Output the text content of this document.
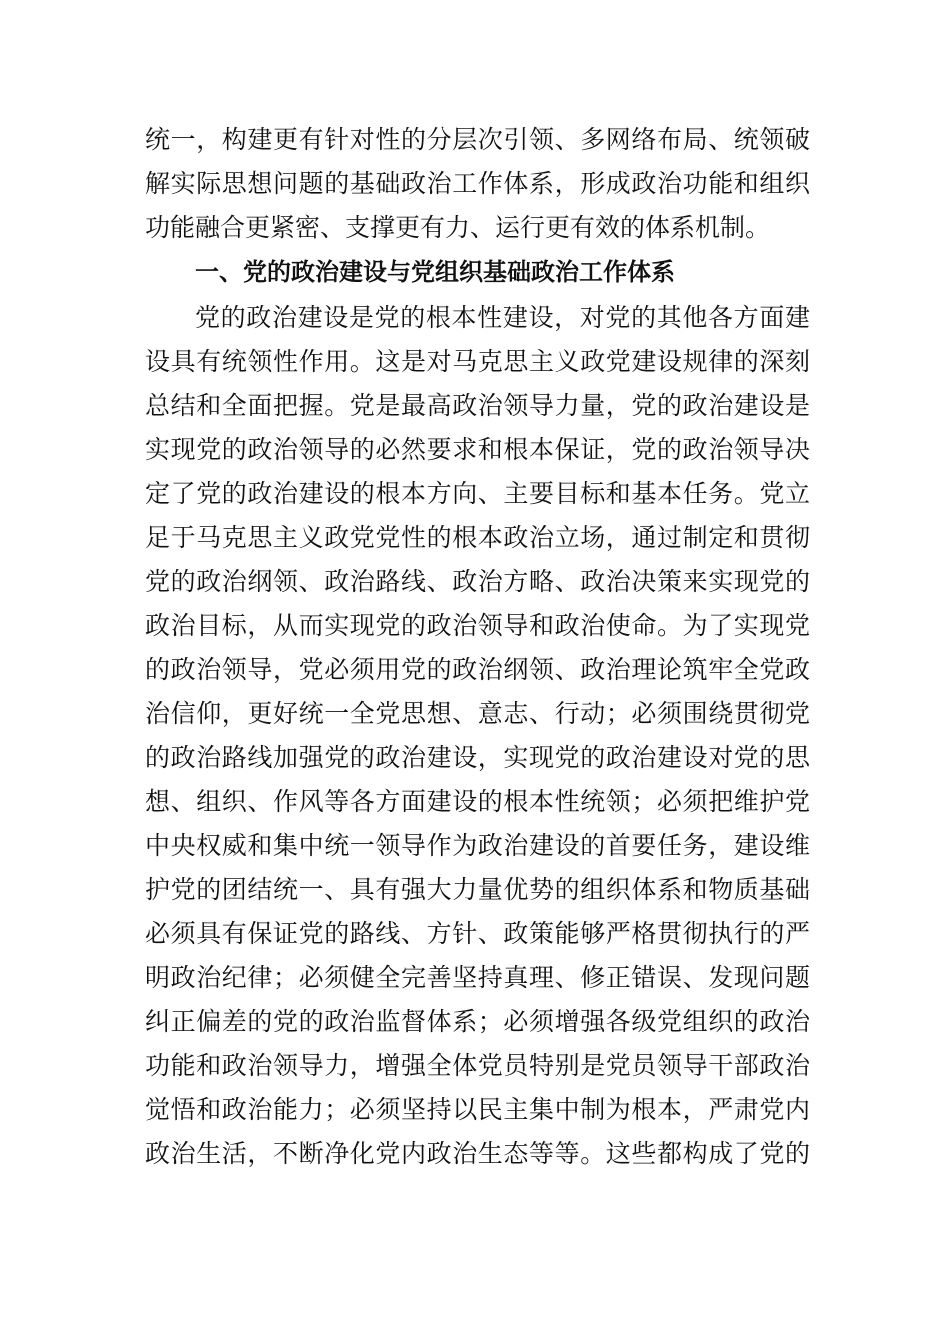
统一，构建更有针对性的分层次引领、多网络布局、统领破
解实际思想问题的基础政治工作体系，形成政治功能和组织
功能融合更紧密、支撑更有力、运行更有效的体系机制。
一、党的政治建设与党组织基础政治工作体系
党的政治建设是党的根本性建设，对党的其他各方面建
设具有统领性作用。这是对马克思主义政党建设规律的深刻
总结和全面把握。党是最高政治领导力量，党的政治建设是
实现党的政治领导的必然要求和根本保证，党的政治领导决
定了党的政治建设的根本方向、主要目标和基本任务。党立
足于马克思主义政党党性的根本政治立场，通过制定和贯彻
党的政治纲领、政治路线、政治方略、政治决策来实现党的
政治目标，从而实现党的政治领导和政治使命。为了实现党
的政治领导，党必须用党的政治纲领、政治理论筑牢全党政
治信仰，更好统一全党思想、意志、行动；必须围绕贯彻党
的政治路线加强党的政治建设，实现党的政治建设对党的思
想、组织、作风等各方面建设的根本性统领；必须把维护党
中央权威和集中统一领导作为政治建设的首要任务，建设维
护党的团结统一、具有强大力量优势的组织体系和物质基础
必须具有保证党的路线、方针、政策能够严格贯彻执行的严
明政治纪律；必须健全完善坚持真理、修正错误、发现问题
纠正偏差的党的政治监督体系；必须增强各级党组织的政治
功能和政治领导力，增强全体党员特别是党员领导干部政治
觉悟和政治能力；必须坚持以民主集中制为根本，严肃党内
政治生活，不断净化党内政治生态等等。这些都构成了党的
